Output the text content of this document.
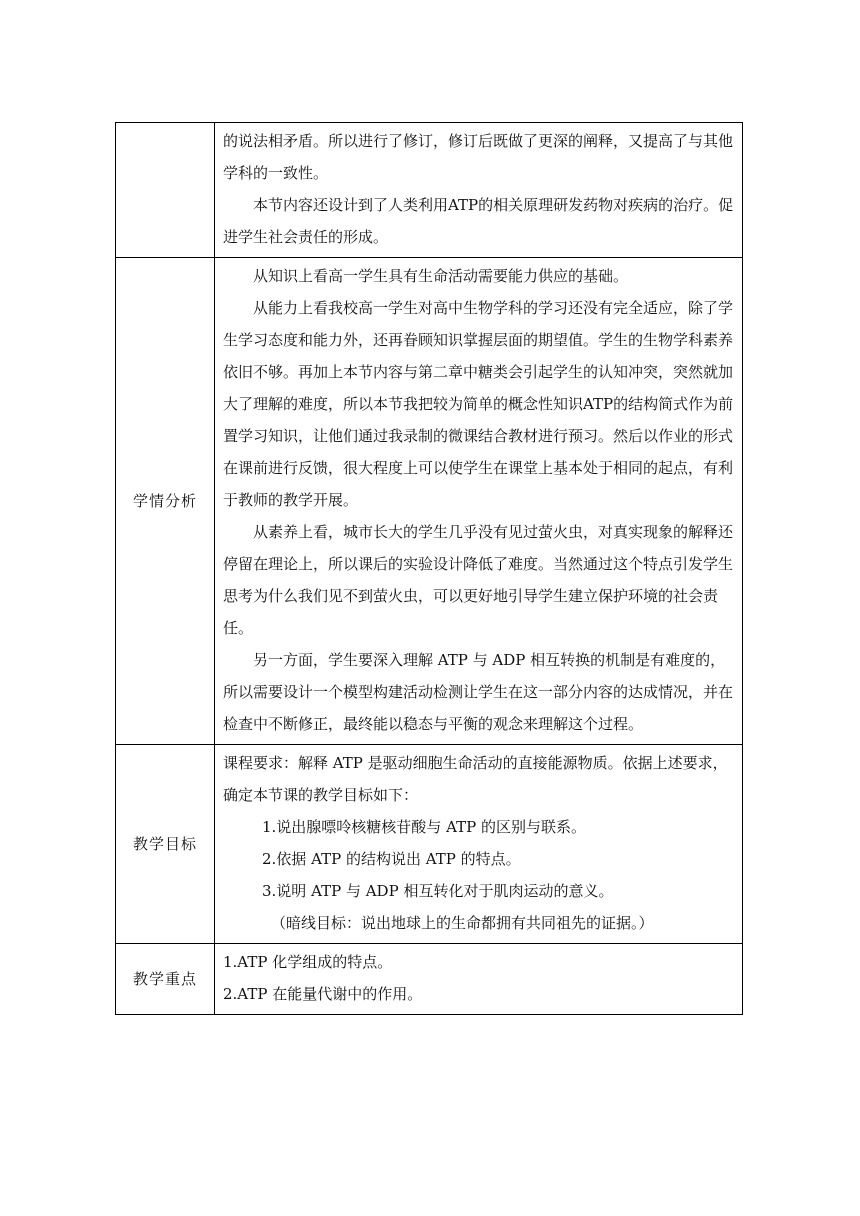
	的说法相矛盾。所以进行了修订，修订后既做了更深的阐释，又提高了与其他学科的一致性。

本节内容还设计到了人类利用ATP的相关原理研发药物对疾病的治疗。促进学生社会责任的形成。

学情分析	从知识上看高一学生具有生命活动需要能力供应的基础。

从能力上看我校高一学生对高中生物学科的学习还没有完全适应，除了学生学习态度和能力外，还再眷顾知识掌握层面的期望值。学生的生物学科素养依旧不够。再加上本节内容与第二章中糖类会引起学生的认知冲突，突然就加大了理解的难度，所以本节我把较为简单的概念性知识ATP的结构简式作为前置学习知识，让他们通过我录制的微课结合教材进行预习。然后以作业的形式在课前进行反馈，很大程度上可以使学生在课堂上基本处于相同的起点，有利于教师的教学开展。

从素养上看，城市长大的学生几乎没有见过萤火虫，对真实现象的解释还停留在理论上，所以课后的实验设计降低了难度。当然通过这个特点引发学生思考为什么我们见不到萤火虫，可以更好地引导学生建立保护环境的社会责任。

另一方面，学生要深入理解 ATP 与 ADP 相互转换的机制是有难度的，所以需要设计一个模型构建活动检测让学生在这一部分内容的达成情况，并在检查中不断修正，最终能以稳态与平衡的观念来理解这个过程。

教学目标	课程要求：解释 ATP 是驱动细胞生命活动的直接能源物质。依据上述要求，确定本节课的教学目标如下：

1.说出腺嘌呤核糖核苷酸与 ATP 的区别与联系。

2.依据 ATP 的结构说出 ATP 的特点。

3.说明 ATP 与 ADP 相互转化对于肌肉运动的意义。

（暗线目标：说出地球上的生命都拥有共同祖先的证据。）

教学重点	1.ATP 化学组成的特点。

2.ATP 在能量代谢中的作用。
